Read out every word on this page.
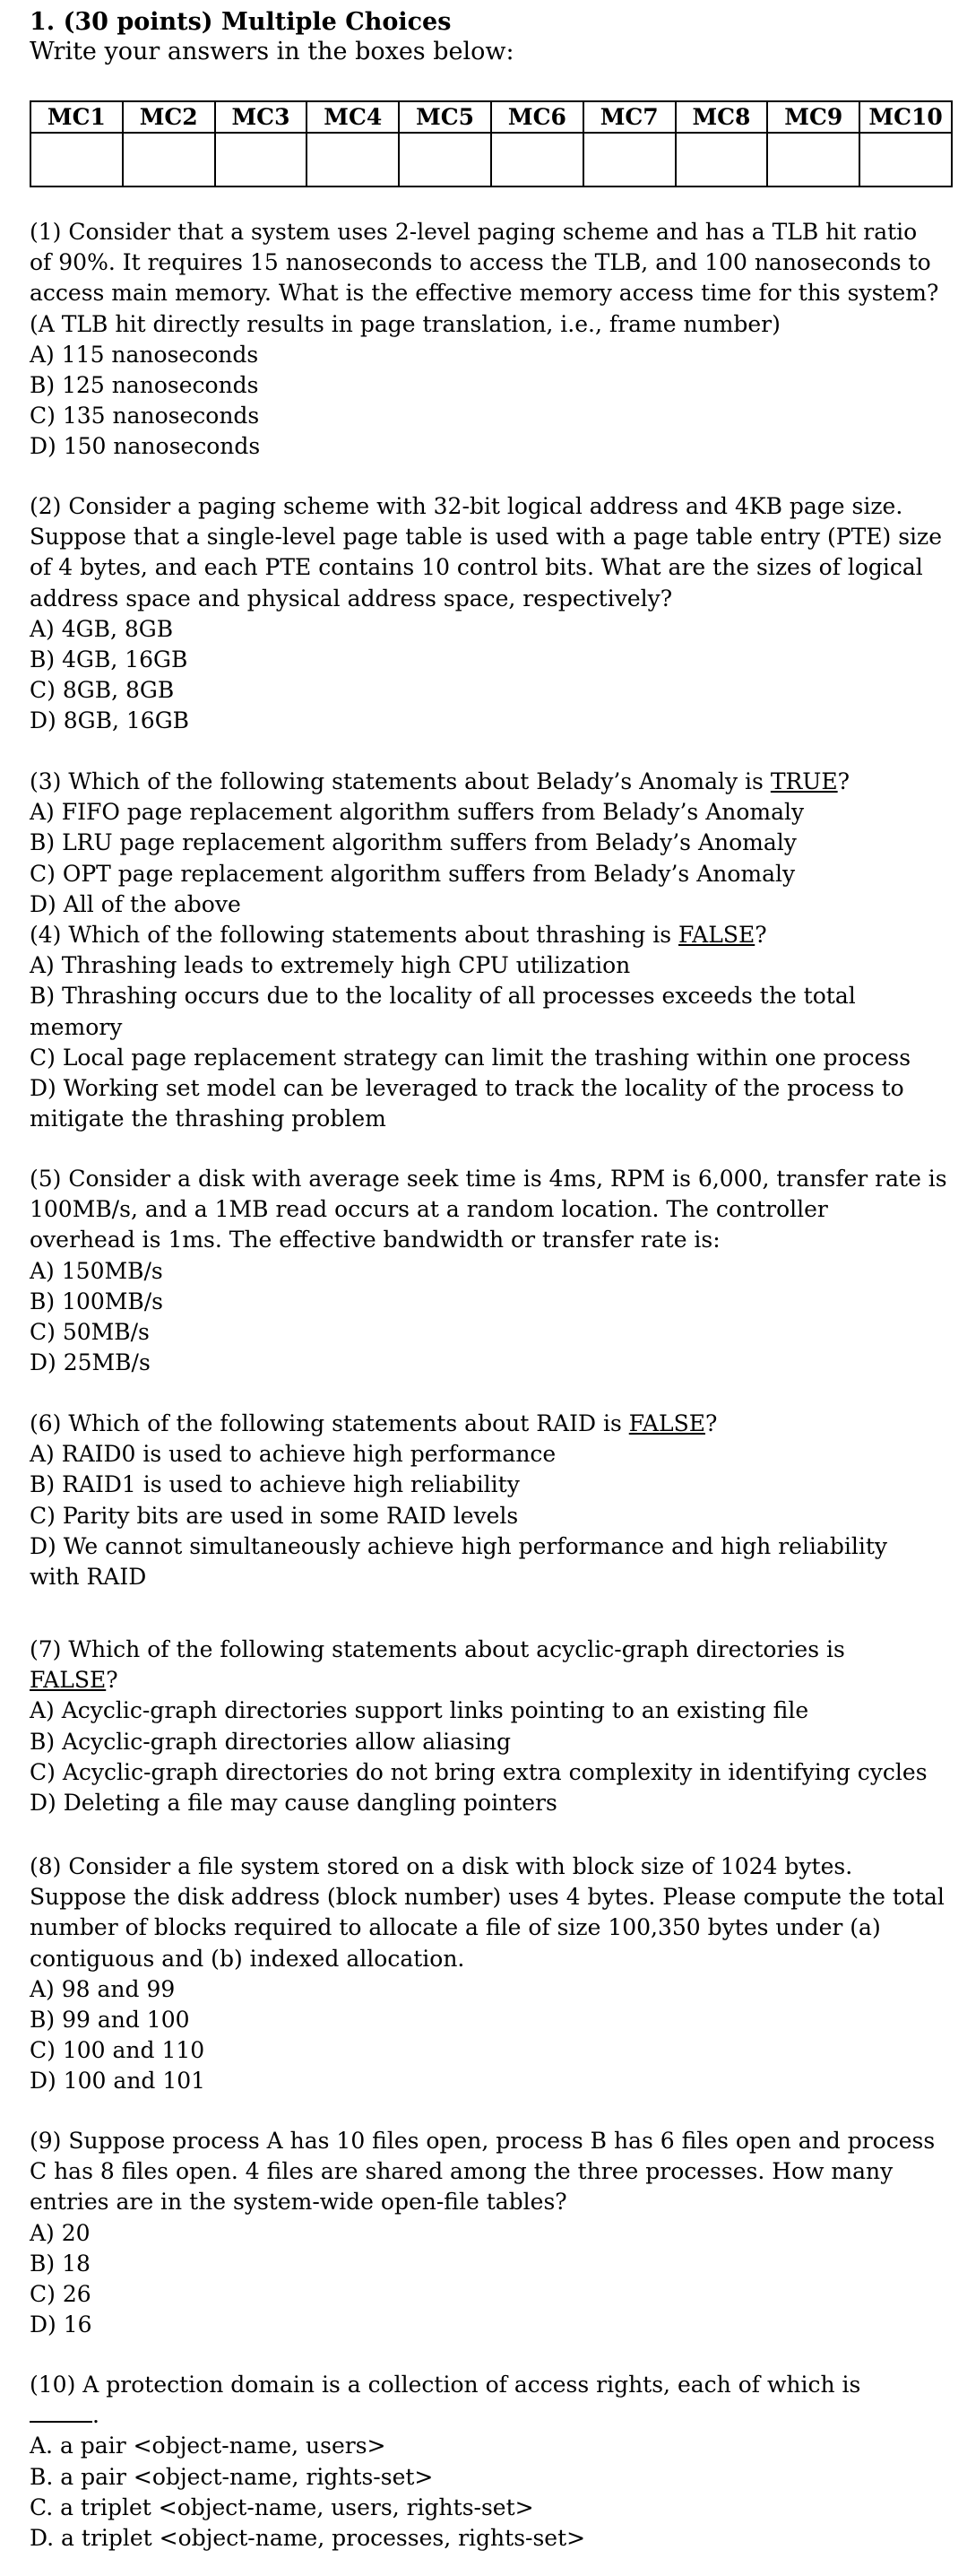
1. (30 points) Multiple Choices
Write your answers in the boxes below:
MC1	MC2	MC3	MC4	MC5	MC6	MC7	MC8	MC9	MC10

(1) Consider that a system uses 2-level paging scheme and has a TLB hit ratio
of 90%. It requires 15 nanoseconds to access the TLB, and 100 nanoseconds to
access main memory. What is the effective memory access time for this system?
(A TLB hit directly results in page translation, i.e., frame number)
A) 115 nanoseconds
B) 125 nanoseconds
C) 135 nanoseconds
D) 150 nanoseconds
(2) Consider a paging scheme with 32-bit logical address and 4KB page size.
Suppose that a single-level page table is used with a page table entry (PTE) size
of 4 bytes, and each PTE contains 10 control bits. What are the sizes of logical
address space and physical address space, respectively?
A) 4GB, 8GB
B) 4GB, 16GB
C) 8GB, 8GB
D) 8GB, 16GB
(3) Which of the following statements about Belady’s Anomaly is TRUE?
A) FIFO page replacement algorithm suffers from Belady’s Anomaly
B) LRU page replacement algorithm suffers from Belady’s Anomaly
C) OPT page replacement algorithm suffers from Belady’s Anomaly
D) All of the above
(4) Which of the following statements about thrashing is FALSE?
A) Thrashing leads to extremely high CPU utilization
B) Thrashing occurs due to the locality of all processes exceeds the total
memory
C) Local page replacement strategy can limit the trashing within one process
D) Working set model can be leveraged to track the locality of the process to
mitigate the thrashing problem
(5) Consider a disk with average seek time is 4ms, RPM is 6,000, transfer rate is
100MB/s, and a 1MB read occurs at a random location. The controller
overhead is 1ms. The effective bandwidth or transfer rate is:
A) 150MB/s
B) 100MB/s
C) 50MB/s
D) 25MB/s
(6) Which of the following statements about RAID is FALSE?
A) RAID0 is used to achieve high performance
B) RAID1 is used to achieve high reliability
C) Parity bits are used in some RAID levels
D) We cannot simultaneously achieve high performance and high reliability
with RAID
(7) Which of the following statements about acyclic-graph directories is
FALSE?
A) Acyclic-graph directories support links pointing to an existing file
B) Acyclic-graph directories allow aliasing
C) Acyclic-graph directories do not bring extra complexity in identifying cycles
D) Deleting a file may cause dangling pointers
(8) Consider a file system stored on a disk with block size of 1024 bytes.
Suppose the disk address (block number) uses 4 bytes. Please compute the total
number of blocks required to allocate a file of size 100,350 bytes under (a)
contiguous and (b) indexed allocation.
A) 98 and 99
B) 99 and 100
C) 100 and 110
D) 100 and 101
(9) Suppose process A has 10 files open, process B has 6 files open and process
C has 8 files open. 4 files are shared among the three processes. How many
entries are in the system-wide open-file tables?
A) 20
B) 18
C) 26
D) 16
(10) A protection domain is a collection of access rights, each of which is
.
A. a pair <object-name, users>
B. a pair <object-name, rights-set>
C. a triplet <object-name, users, rights-set>
D. a triplet <object-name, processes, rights-set>
